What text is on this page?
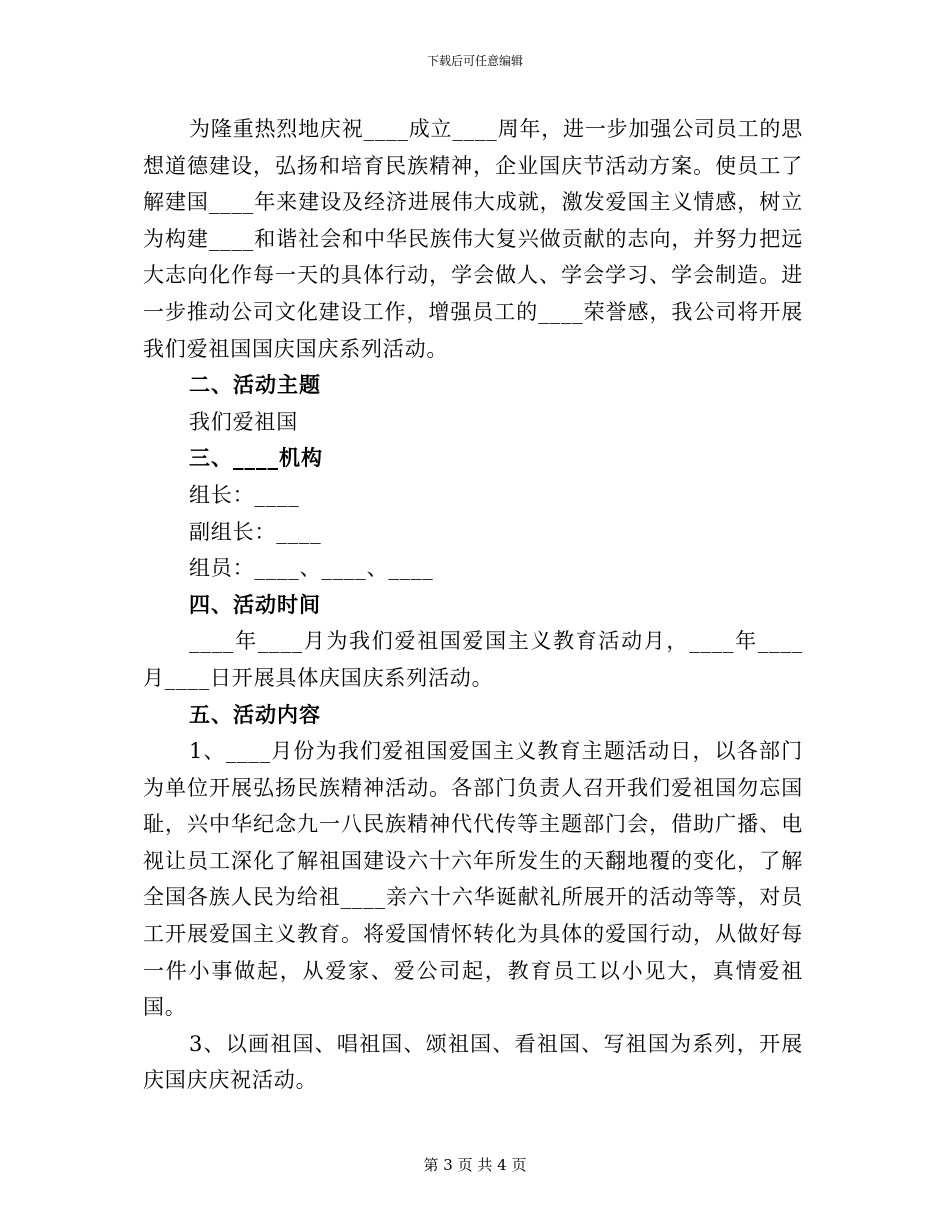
下载后可任意编辑

为隆重热烈地庆祝____成立____周年，进一步加强公司员工的思想道德建设，弘扬和培育民族精神，企业国庆节活动方案。使员工了解建国____年来建设及经济进展伟大成就，激发爱国主义情感，树立为构建____和谐社会和中华民族伟大复兴做贡献的志向，并努力把远大志向化作每一天的具体行动，学会做人、学会学习、学会制造。进一步推动公司文化建设工作，增强员工的____荣誉感，我公司将开展我们爱祖国国庆国庆系列活动。

二、活动主题

我们爱祖国

三、____机构

组长：____

副组长：____

组员：____、____、____

四、活动时间

____年____月为我们爱祖国爱国主义教育活动月，____年____月____日开展具体庆国庆系列活动。

五、活动内容

1、____月份为我们爱祖国爱国主义教育主题活动日，以各部门为单位开展弘扬民族精神活动。各部门负责人召开我们爱祖国勿忘国耻，兴中华纪念九一八民族精神代代传等主题部门会，借助广播、电视让员工深化了解祖国建设六十六年所发生的天翻地覆的变化，了解全国各族人民为给祖____亲六十六华诞献礼所展开的活动等等，对员工开展爱国主义教育。将爱国情怀转化为具体的爱国行动，从做好每一件小事做起，从爱家、爱公司起，教育员工以小见大，真情爱祖国。

3、以画祖国、唱祖国、颂祖国、看祖国、写祖国为系列，开展庆国庆庆祝活动。

第 3 页 共 4 页
